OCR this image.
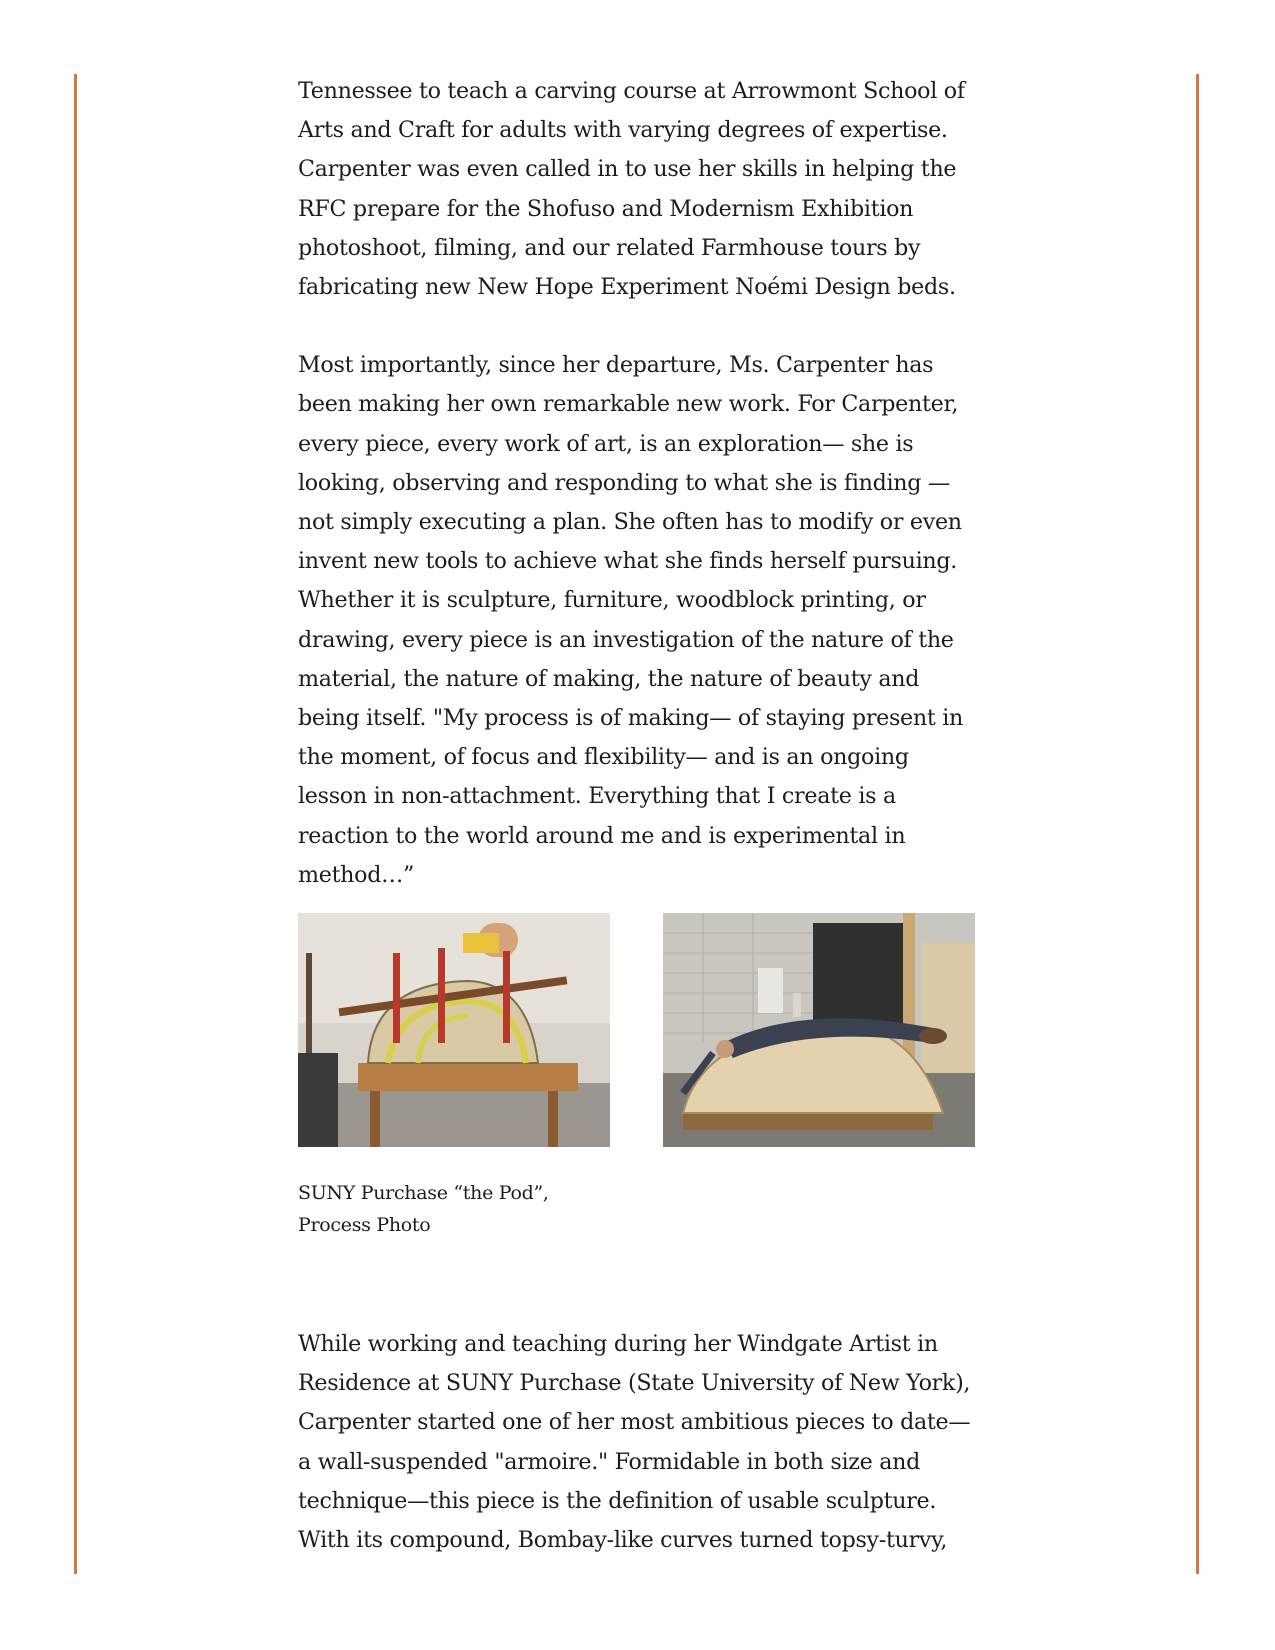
Tennessee to teach a carving course at Arrowmont School of Arts and Craft for adults with varying degrees of expertise. Carpenter was even called in to use her skills in helping the RFC prepare for the Shofuso and Modernism Exhibition photoshoot, filming, and our related Farmhouse tours by fabricating new New Hope Experiment Noémi Design beds.

Most importantly, since her departure, Ms. Carpenter has been making her own remarkable new work. For Carpenter, every piece, every work of art, is an exploration— she is looking, observing and responding to what she is finding —not simply executing a plan. She often has to modify or even invent new tools to achieve what she finds herself pursuing. Whether it is sculpture, furniture, woodblock printing, or drawing, every piece is an investigation of the nature of the material, the nature of making, the nature of beauty and being itself. "My process is of making— of staying present in the moment, of focus and flexibility— and is an ongoing lesson in non-attachment. Everything that I create is a reaction to the world around me and is experimental in method…”

SUNY Purchase “the Pod”,
Process Photo

While working and teaching during her Windgate Artist in Residence at SUNY Purchase (State University of New York), Carpenter started one of her most ambitious pieces to date— a wall-suspended "armoire." Formidable in both size and technique—this piece is the definition of usable sculpture. With its compound, Bombay-like curves turned topsy-turvy,
